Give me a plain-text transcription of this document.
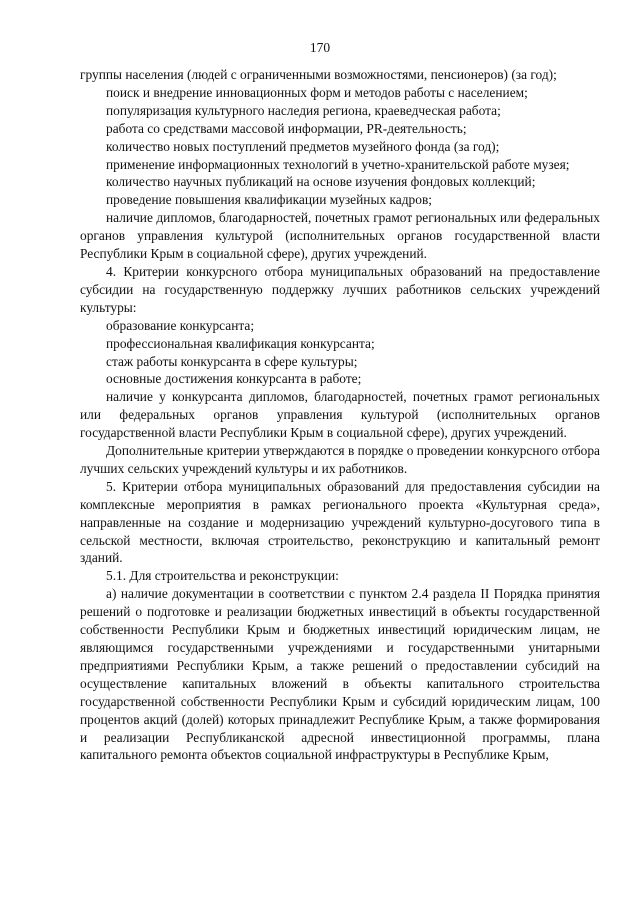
170

группы населения (людей с ограниченными возможностями, пенсионеров) (за год);

поиск и внедрение инновационных форм и методов работы с населением;

популяризация культурного наследия региона, краеведческая работа;

работа со средствами массовой информации, PR-деятельность;

количество новых поступлений предметов музейного фонда (за год);

применение информационных технологий в учетно-хранительской работе музея;

количество научных публикаций на основе изучения фондовых коллекций;

проведение повышения квалификации музейных кадров;

наличие дипломов, благодарностей, почетных грамот региональных или федеральных органов управления культурой (исполнительных органов государственной власти Республики Крым в социальной сфере), других учреждений.

4. Критерии конкурсного отбора муниципальных образований на предоставление субсидии на государственную поддержку лучших работников сельских учреждений культуры:

образование конкурсанта;

профессиональная квалификация конкурсанта;

стаж работы конкурсанта в сфере культуры;

основные достижения конкурсанта в работе;

наличие у конкурсанта дипломов, благодарностей, почетных грамот региональных или федеральных органов управления культурой (исполнительных органов государственной власти Республики Крым в социальной сфере), других учреждений.

Дополнительные критерии утверждаются в порядке о проведении конкурсного отбора лучших сельских учреждений культуры и их работников.

5. Критерии отбора муниципальных образований для предоставления субсидии на комплексные мероприятия в рамках регионального проекта «Культурная среда», направленные на создание и модернизацию учреждений культурно-досугового типа в сельской местности, включая строительство, реконструкцию и капитальный ремонт зданий.

5.1. Для строительства и реконструкции:

а) наличие документации в соответствии с пунктом 2.4 раздела II Порядка принятия решений о подготовке и реализации бюджетных инвестиций в объекты государственной собственности Республики Крым и бюджетных инвестиций юридическим лицам, не являющимся государственными учреждениями и государственными унитарными предприятиями Республики Крым, а также решений о предоставлении субсидий на осуществление капитальных вложений в объекты капитального строительства государственной собственности Республики Крым и субсидий юридическим лицам, 100 процентов акций (долей) которых принадлежит Республике Крым, а также формирования и реализации Республиканской адресной инвестиционной программы, плана капитального ремонта объектов социальной инфраструктуры в Республике Крым,
